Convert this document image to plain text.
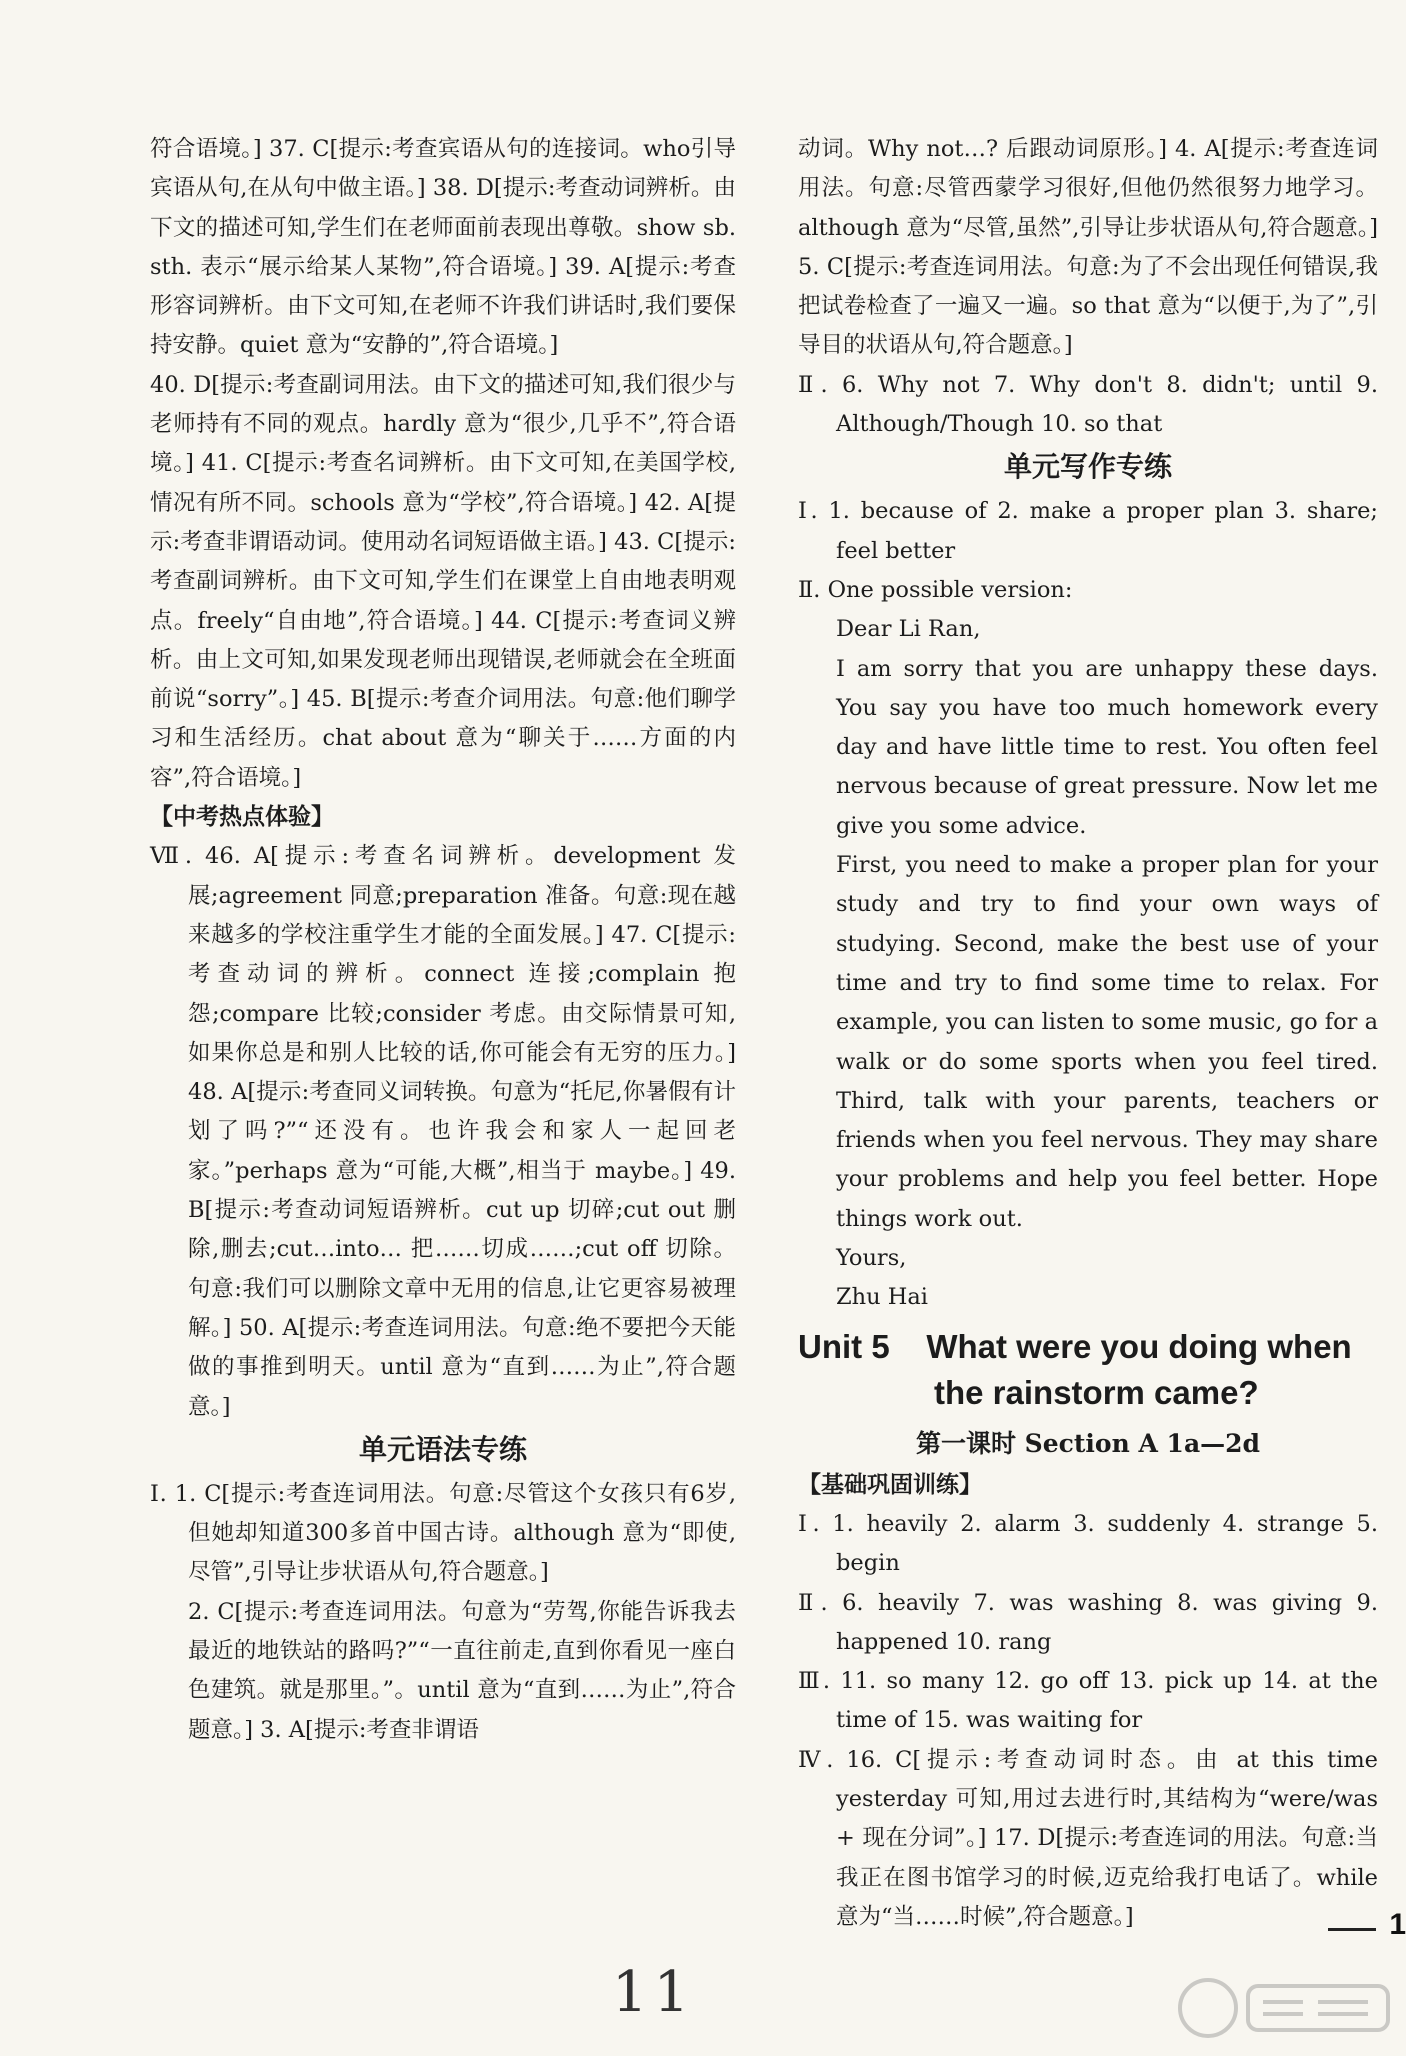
符合语境。] 37. C[提示:考查宾语从句的连接词。who引导宾语从句,在从句中做主语。] 38. D[提示:考查动词辨析。由下文的描述可知,学生们在老师面前表现出尊敬。show sb. sth. 表示“展示给某人某物”,符合语境。] 39. A[提示:考查形容词辨析。由下文可知,在老师不许我们讲话时,我们要保持安静。quiet 意为“安静的”,符合语境。]

40. D[提示:考查副词用法。由下文的描述可知,我们很少与老师持有不同的观点。hardly 意为“很少,几乎不”,符合语境。] 41. C[提示:考查名词辨析。由下文可知,在美国学校,情况有所不同。schools 意为“学校”,符合语境。] 42. A[提示:考查非谓语动词。使用动名词短语做主语。] 43. C[提示:考查副词辨析。由下文可知,学生们在课堂上自由地表明观点。freely“自由地”,符合语境。] 44. C[提示:考查词义辨析。由上文可知,如果发现老师出现错误,老师就会在全班面前说“sorry”。] 45. B[提示:考查介词用法。句意:他们聊学习和生活经历。chat about 意为“聊关于……方面的内容”,符合语境。]

【中考热点体验】

Ⅶ. 46. A[提示:考查名词辨析。development 发展;agreement 同意;preparation 准备。句意:现在越来越多的学校注重学生才能的全面发展。] 47. C[提示:考查动词的辨析。connect 连接;complain 抱怨;compare 比较;consider 考虑。由交际情景可知,如果你总是和别人比较的话,你可能会有无穷的压力。] 48. A[提示:考查同义词转换。句意为“托尼,你暑假有计划了吗?”“还没有。也许我会和家人一起回老家。”perhaps 意为“可能,大概”,相当于 maybe。] 49. B[提示:考查动词短语辨析。cut up 切碎;cut out 删除,删去;cut…into… 把……切成……;cut off 切除。句意:我们可以删除文章中无用的信息,让它更容易被理解。] 50. A[提示:考查连词用法。句意:绝不要把今天能做的事推到明天。until 意为“直到……为止”,符合题意。]

单元语法专练

Ⅰ. 1. C[提示:考查连词用法。句意:尽管这个女孩只有6岁,但她却知道300多首中国古诗。although 意为“即使,尽管”,引导让步状语从句,符合题意。]

2. C[提示:考查连词用法。句意为“劳驾,你能告诉我去最近的地铁站的路吗?”“一直往前走,直到你看见一座白色建筑。就是那里。”。until 意为“直到……为止”,符合题意。] 3. A[提示:考查非谓语

动词。Why not…? 后跟动词原形。] 4. A[提示:考查连词用法。句意:尽管西蒙学习很好,但他仍然很努力地学习。although 意为“尽管,虽然”,引导让步状语从句,符合题意。] 5. C[提示:考查连词用法。句意:为了不会出现任何错误,我把试卷检查了一遍又一遍。so that 意为“以便于,为了”,引导目的状语从句,符合题意。]

Ⅱ. 6. Why not 7. Why don't 8. didn't; until 9. Although/Though 10. so that

单元写作专练

Ⅰ. 1. because of 2. make a proper plan 3. share; feel better

Ⅱ. One possible version:

Dear Li Ran,

I am sorry that you are unhappy these days. You say you have too much homework every day and have little time to rest. You often feel nervous because of great pressure. Now let me give you some advice.

First, you need to make a proper plan for your study and try to find your own ways of studying. Second, make the best use of your time and try to find some time to relax. For example, you can listen to some music, go for a walk or do some sports when you feel tired. Third, talk with your parents, teachers or friends when you feel nervous. They may share your problems and help you feel better. Hope things work out.

Yours,

Zhu Hai

Unit 5 What were you doing when

the rainstorm came?

第一课时 Section A 1a—2d

【基础巩固训练】

Ⅰ. 1. heavily 2. alarm 3. suddenly 4. strange 5. begin

Ⅱ. 6. heavily 7. was washing 8. was giving 9. happened 10. rang

Ⅲ. 11. so many 12. go off 13. pick up 14. at the time of 15. was waiting for

Ⅳ. 16. C[提示:考查动词时态。由 at this time yesterday 可知,用过去进行时,其结构为“were/was + 现在分词”。] 17. D[提示:考查连词的用法。句意:当我正在图书馆学习的时候,迈克给我打电话了。while 意为“当……时候”,符合题意。]	1
11
